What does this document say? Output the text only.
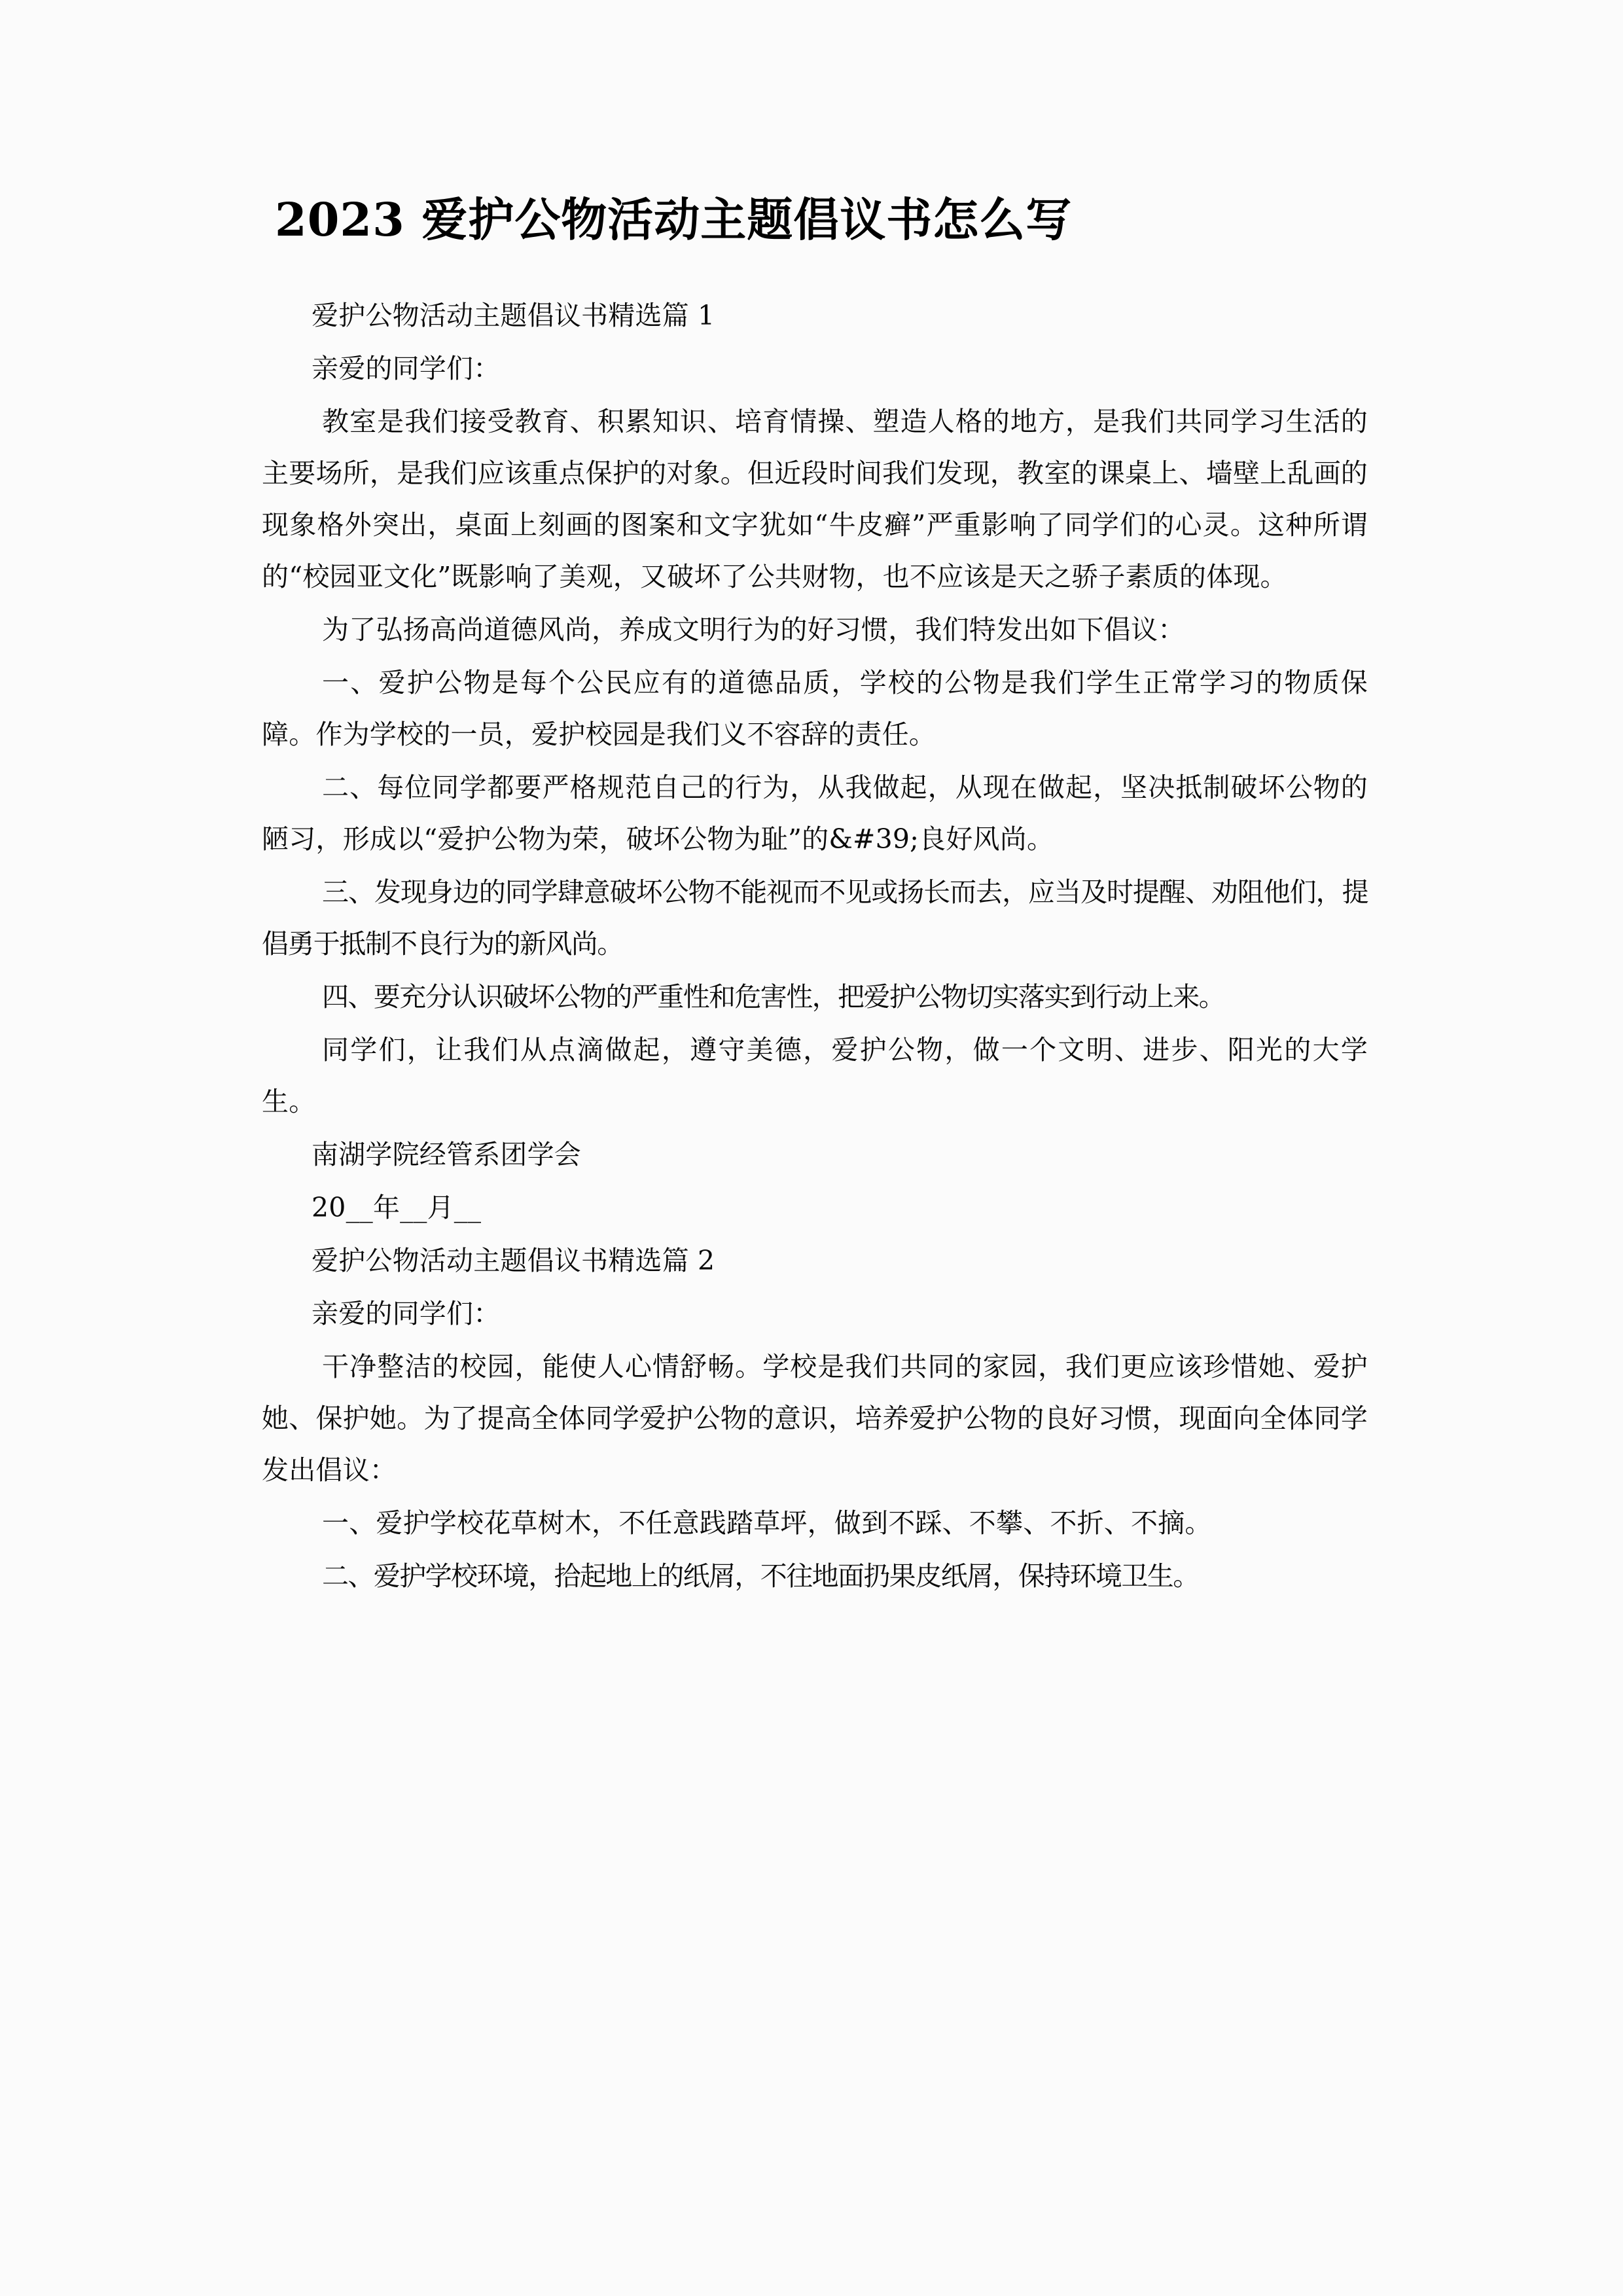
2023 爱护公物活动主题倡议书怎么写
爱护公物活动主题倡议书精选篇 1
亲爱的同学们：

教室是我们接受教育、积累知识、培育情操、塑造人格的地方，是我们共同学习生活的主要场所，是我们应该重点保护的对象。但近段时间我们发现，教室的课桌上、墙壁上乱画的现象格外突出，桌面上刻画的图案和文字犹如“牛皮癣”严重影响了同学们的心灵。这种所谓的“校园亚文化”既影响了美观，又破坏了公共财物，也不应该是天之骄子素质的体现。

为了弘扬高尚道德风尚，养成文明行为的好习惯，我们特发出如下倡议：

一、爱护公物是每个公民应有的道德品质，学校的公物是我们学生正常学习的物质保障。作为学校的一员，爱护校园是我们义不容辞的责任。

二、每位同学都要严格规范自己的行为，从我做起，从现在做起，坚决抵制破坏公物的陋习，形成以“爱护公物为荣，破坏公物为耻”的&#39;良好风尚。

三、发现身边的同学肆意破坏公物不能视而不见或扬长而去，应当及时提醒、劝阻他们，提倡勇于抵制不良行为的新风尚。

四、要充分认识破坏公物的严重性和危害性，把爱护公物切实落实到行动上来。

同学们，让我们从点滴做起，遵守美德，爱护公物，做一个文明、进步、阳光的大学生。

南湖学院经管系团学会
20__年__月__
爱护公物活动主题倡议书精选篇 2
亲爱的同学们：

干净整洁的校园，能使人心情舒畅。学校是我们共同的家园，我们更应该珍惜她、爱护她、保护她。为了提高全体同学爱护公物的意识，培养爱护公物的良好习惯，现面向全体同学发出倡议：

一、爱护学校花草树木，不任意践踏草坪，做到不踩、不攀、不折、不摘。

二、爱护学校环境，拾起地上的纸屑，不往地面扔果皮纸屑，保持环境卫生。
